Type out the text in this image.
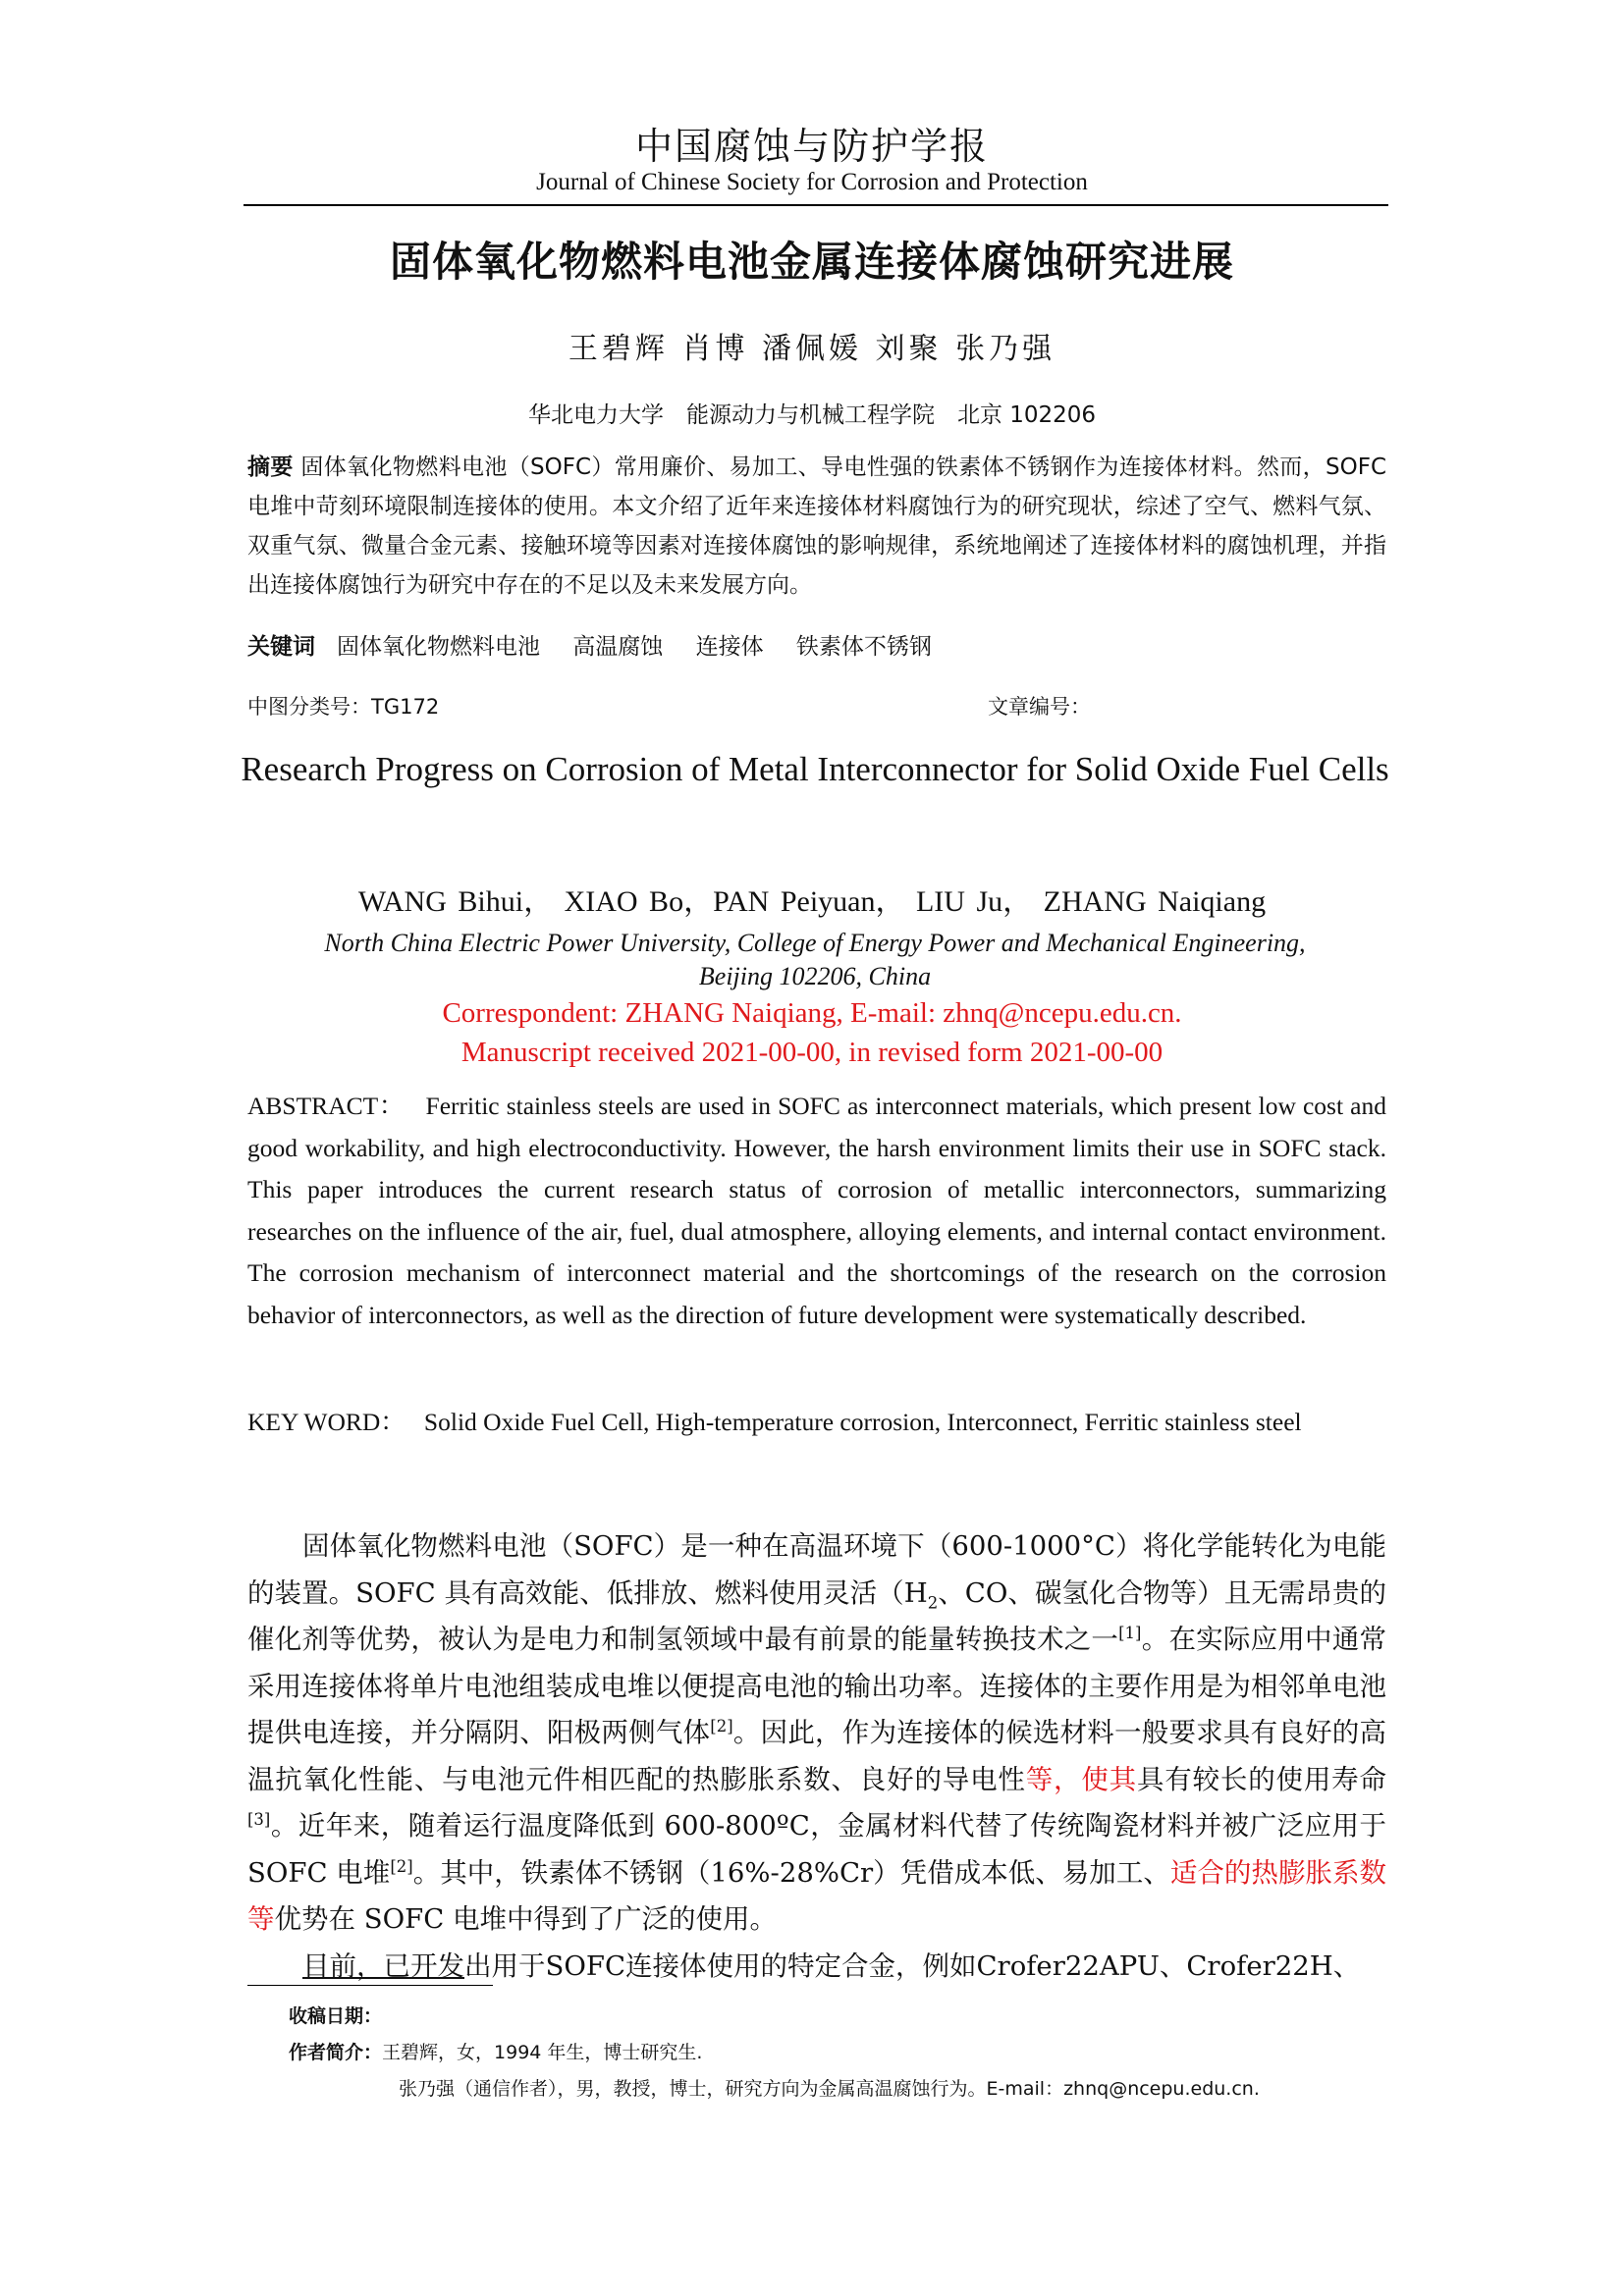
中国腐蚀与防护学报
Journal of Chinese Society for Corrosion and Protection
固体氧化物燃料电池金属连接体腐蚀研究进展
王碧辉 肖博 潘佩媛 刘聚 张乃强
华北电力大学　能源动力与机械工程学院　北京 102206
摘要 固体氧化物燃料电池（SOFC）常用廉价、易加工、导电性强的铁素体不锈钢作为连接体材料。然而，SOFC电堆中苛刻环境限制连接体的使用。本文介绍了近年来连接体材料腐蚀行为的研究现状，综述了空气、燃料气氛、双重气氛、微量合金元素、接触环境等因素对连接体腐蚀的影响规律，系统地阐述了连接体材料的腐蚀机理，并指出连接体腐蚀行为研究中存在的不足以及未来发展方向。
关键词 固体氧化物燃料电池 高温腐蚀 连接体 铁素体不锈钢
中图分类号：TG172	文章编号：
Research Progress on Corrosion of Metal Interconnector for Solid Oxide Fuel Cells
WANG Bihui， XIAO Bo，PAN Peiyuan， LIU Ju， ZHANG Naiqiang
North China Electric Power University, College of Energy Power and Mechanical Engineering, Beijing 102206, China
Correspondent: ZHANG Naiqiang, E-mail: zhnq@ncepu.edu.cn.
Manuscript received 2021-00-00, in revised form 2021-00-00
ABSTRACT： Ferritic stainless steels are used in SOFC as interconnect materials, which present low cost and good workability, and high electroconductivity. However, the harsh environment limits their use in SOFC stack. This paper introduces the current research status of corrosion of metallic interconnectors, summarizing researches on the influence of the air, fuel, dual atmosphere, alloying elements, and internal contact environment. The corrosion mechanism of interconnect material and the shortcomings of the research on the corrosion behavior of interconnectors, as well as the direction of future development were systematically described.
KEY WORD： Solid Oxide Fuel Cell, High-temperature corrosion, Interconnect, Ferritic stainless steel

固体氧化物燃料电池（SOFC）是一种在高温环境下（600-1000°C）将化学能转化为电能的装置。SOFC 具有高效能、低排放、燃料使用灵活（$H_2$、CO、碳氢化合物等）且无需昂贵的催化剂等优势，被认为是电力和制氢领域中最有前景的能量转换技术之一[1]。在实际应用中通常采用连接体将单片电池组装成电堆以便提高电池的输出功率。连接体的主要作用是为相邻单电池提供电连接，并分隔阴、阳极两侧气体[2]。因此，作为连接体的候选材料一般要求具有良好的高温抗氧化性能、与电池元件相匹配的热膨胀系数、良好的导电性等，使其具有较长的使用寿命[3]。近年来，随着运行温度降低到 600-800ºC，金属材料代替了传统陶瓷材料并被广泛应用于 SOFC 电堆[2]。其中，铁素体不锈钢（16%-28%Cr）凭借成本低、易加工、适合的热膨胀系数等优势在 SOFC 电堆中得到了广泛的使用。

目前，已开发出用于SOFC连接体使用的特定合金，例如Crofer22APU、Crofer22H、

收稿日期：
作者简介：王碧辉，女，1994 年生，博士研究生.
张乃强（通信作者），男，教授，博士，研究方向为金属高温腐蚀行为。E-mail：zhnq@ncepu.edu.cn.
